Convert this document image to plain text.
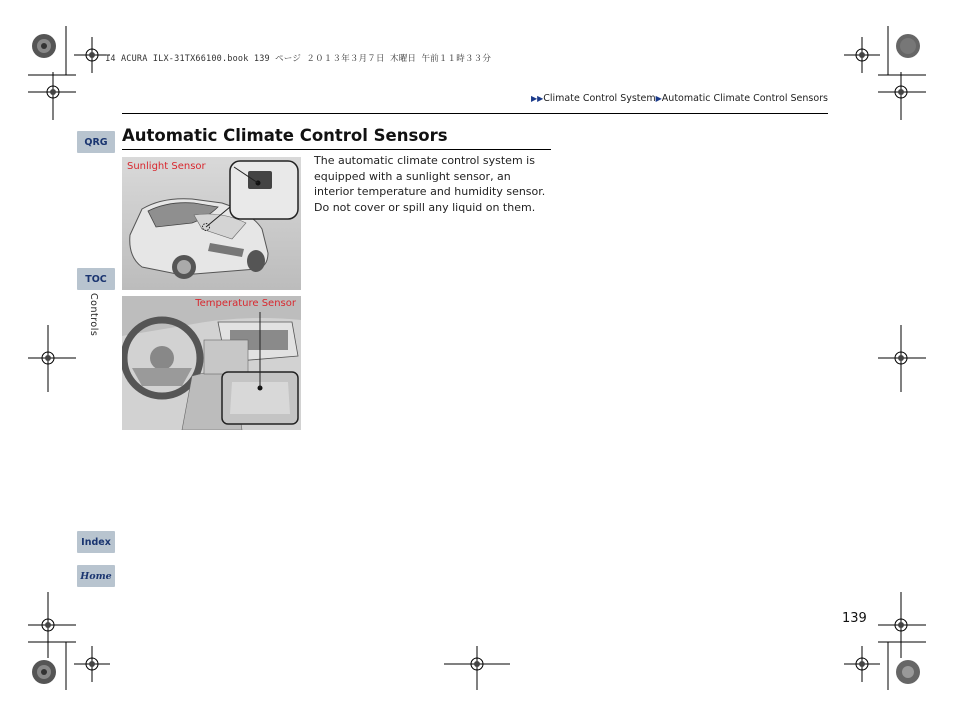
14 ACURA ILX-31TX66100.book 139 ページ ２０１３年３月７日 木曜日 午前１１時３３分
▶▶Climate Control System▶Automatic Climate Control Sensors
QRG
TOC
Controls
Index
Home
Automatic Climate Control Sensors
Sunlight Sensor
Temperature Sensor
The automatic climate control system is equipped with a sunlight sensor, an interior temperature and humidity sensor. Do not cover or spill any liquid on them.
139
